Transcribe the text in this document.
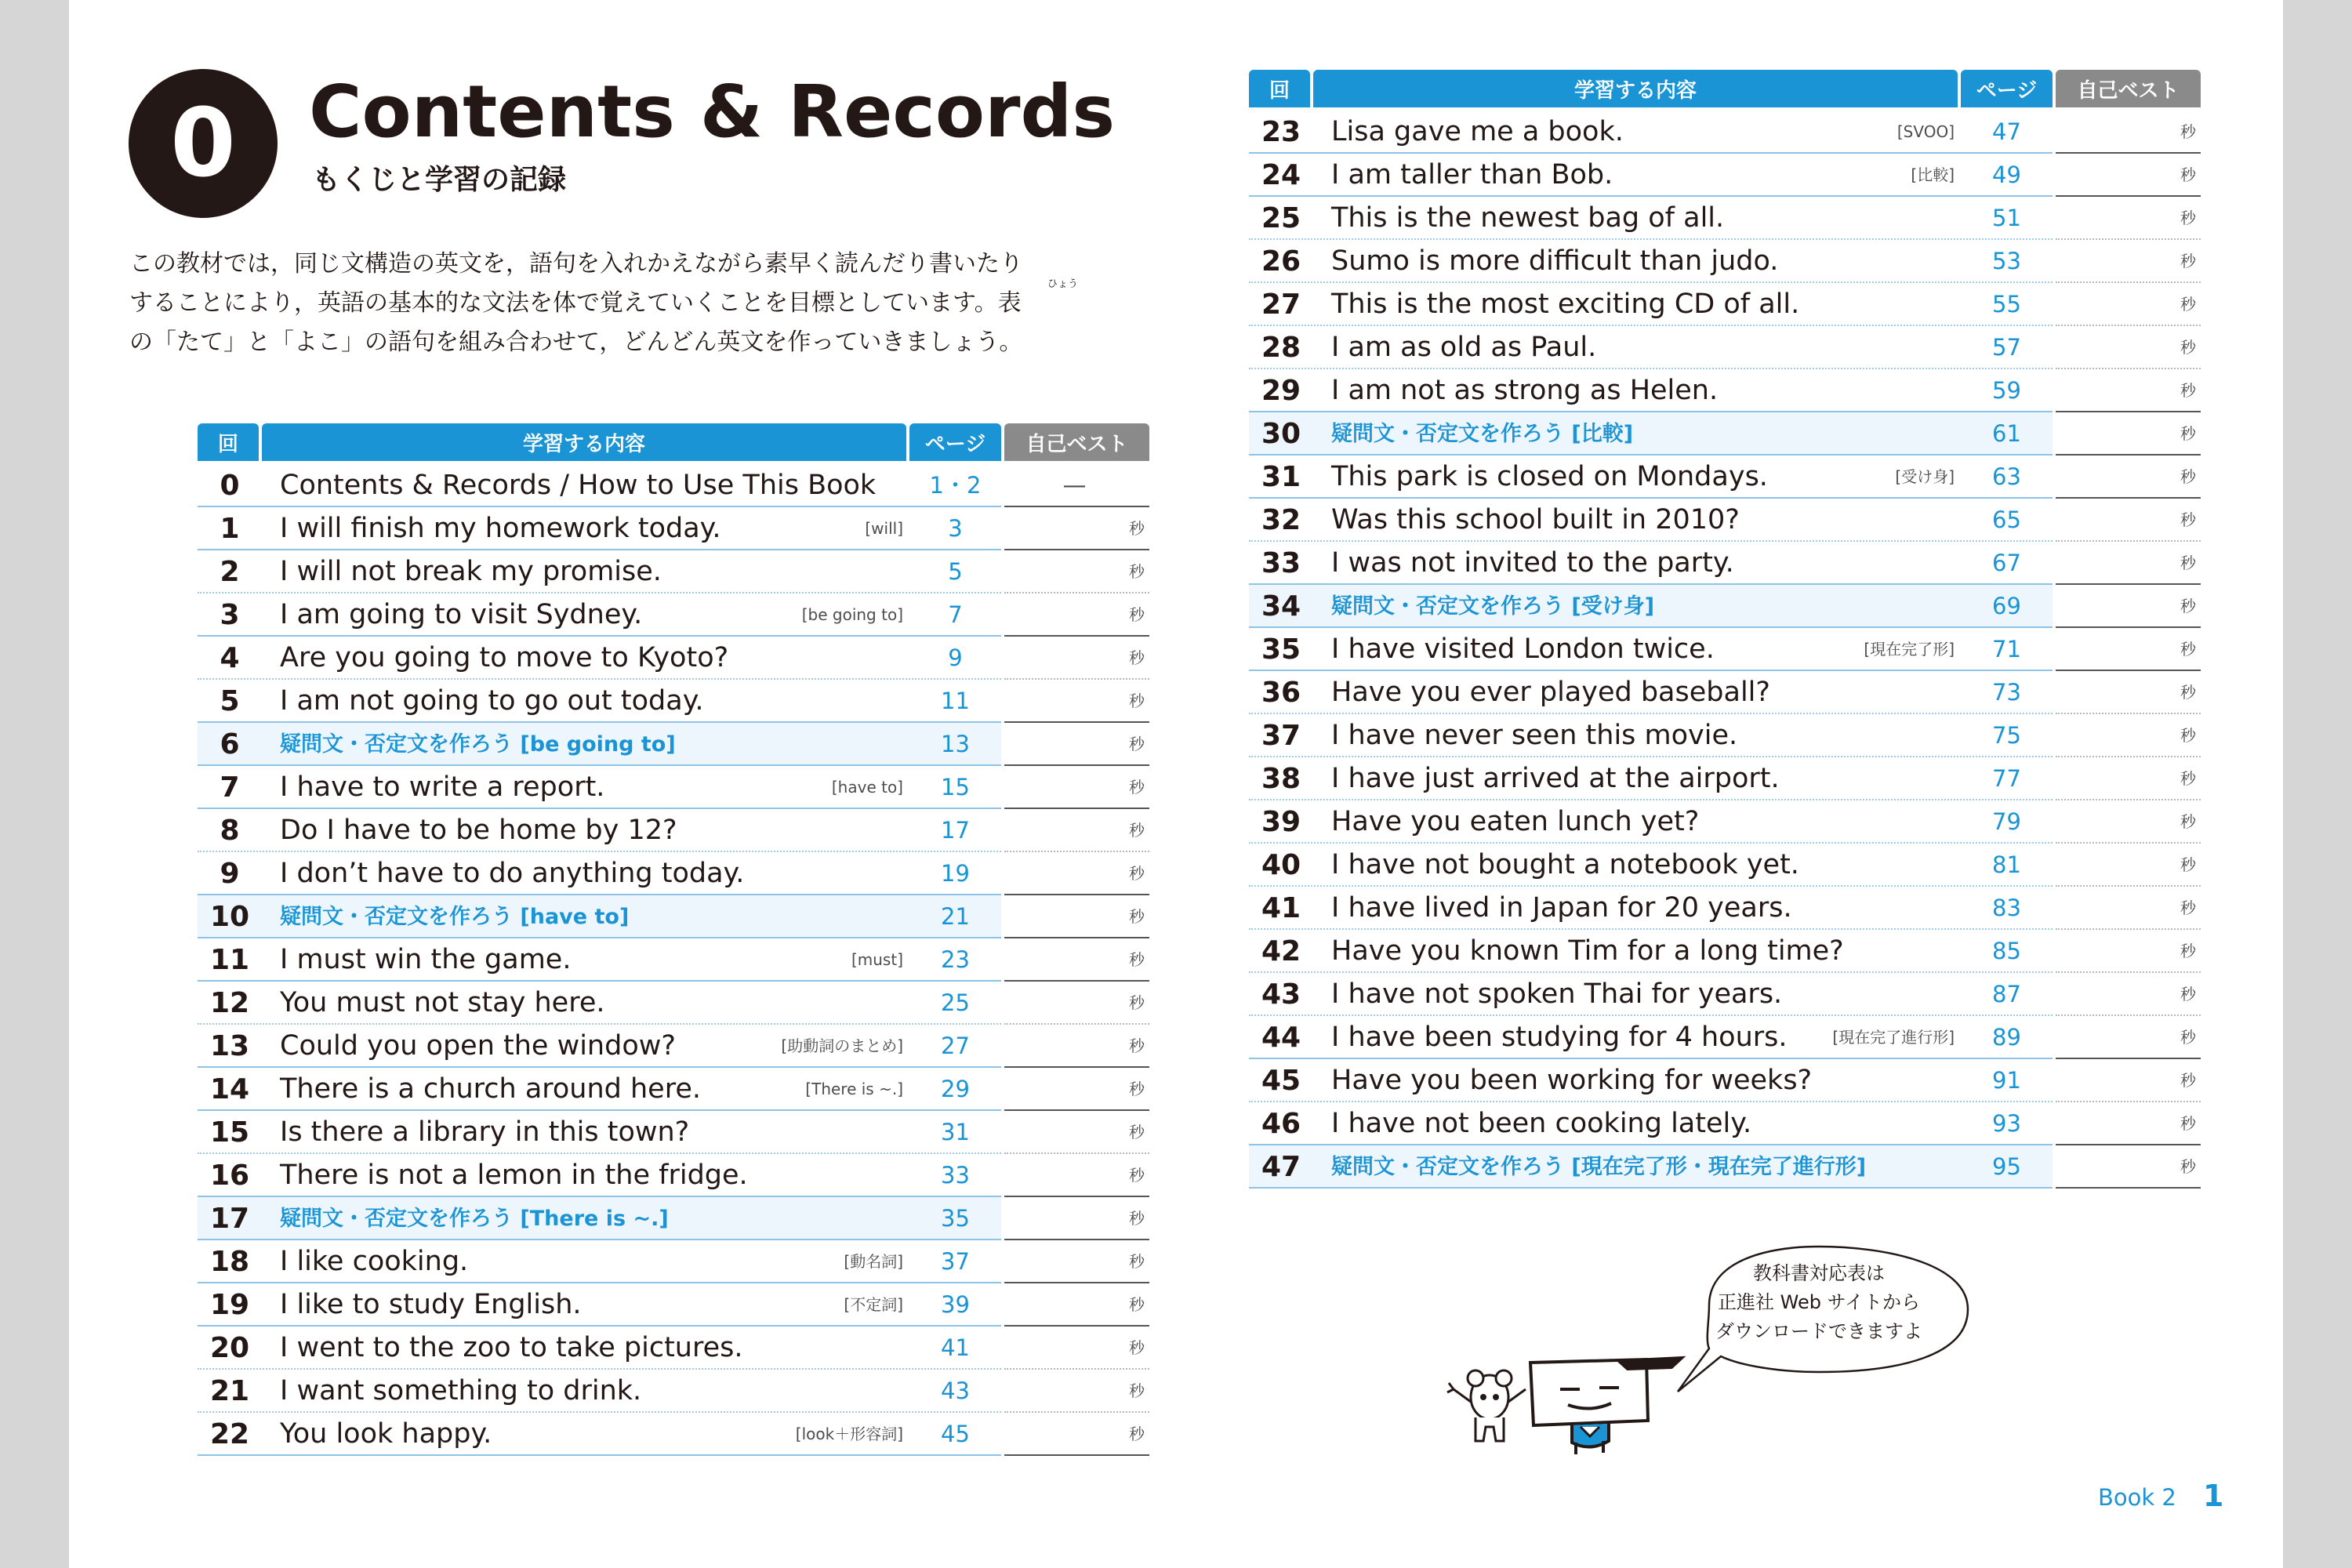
0 Contents & Records
もくじと学習の記録

この教材では，同じ文構造の英文を，語句を入れかえながら素早く読んだり書いたり

することにより，英語の基本的な文法を体で覚えていくことを目標としています。表
ひょう

の「たて」と「よこ」の語句を組み合わせて，どんどん英文を作っていきましょう。

回	学習する内容	ページ	自己ベスト
0	Contents & Records / How to Use This Book	1・2	—
1	I will finish my homework today.	[will]	3	秒
2	I will not break my promise.	5	秒
3	I am going to visit Sydney.	[be going to]	7	秒
4	Are you going to move to Kyoto?	9	秒
5	I am not going to go out today.	11	秒
6	疑問文・否定文を作ろう [be going to]	13	秒
7	I have to write a report.	[have to]	15	秒
8	Do I have to be home by 12?	17	秒
9	I don’t have to do anything today.	19	秒
10	疑問文・否定文を作ろう [have to]	21	秒
11	I must win the game.	[must]	23	秒
12	You must not stay here.	25	秒
13	Could you open the window?	[助動詞のまとめ]	27	秒
14	There is a church around here.	[There is ~.]	29	秒
15	Is there a library in this town?	31	秒
16	There is not a lemon in the fridge.	33	秒
17	疑問文・否定文を作ろう [There is ~.]	35	秒
18	I like cooking.	[動名詞]	37	秒
19	I like to study English.	[不定詞]	39	秒
20	I went to the zoo to take pictures.	41	秒
21	I want something to drink.	43	秒
22	You look happy.	[look＋形容詞]	45	秒
回	学習する内容	ページ	自己ベスト
23	Lisa gave me a book.	[SVOO]	47	秒
24	I am taller than Bob.	[比較]	49	秒
25	This is the newest bag of all.	51	秒
26	Sumo is more difficult than judo.	53	秒
27	This is the most exciting CD of all.	55	秒
28	I am as old as Paul.	57	秒
29	I am not as strong as Helen.	59	秒
30	疑問文・否定文を作ろう [比較]	61	秒
31	This park is closed on Mondays.	[受け身]	63	秒
32	Was this school built in 2010?	65	秒
33	I was not invited to the party.	67	秒
34	疑問文・否定文を作ろう [受け身]	69	秒
35	I have visited London twice.	[現在完了形]	71	秒
36	Have you ever played baseball?	73	秒
37	I have never seen this movie.	75	秒
38	I have just arrived at the airport.	77	秒
39	Have you eaten lunch yet?	79	秒
40	I have not bought a notebook yet.	81	秒
41	I have lived in Japan for 20 years.	83	秒
42	Have you known Tim for a long time?	85	秒
43	I have not spoken Thai for years.	87	秒
44	I have been studying for 4 hours.	[現在完了進行形]	89	秒
45	Have you been working for weeks?	91	秒
46	I have not been cooking lately.	93	秒
47	疑問文・否定文を作ろう [現在完了形・現在完了進行形]	95	秒

教科書対応表は

正進社 Web サイトから

ダウンロードできますよ

Book 2 1
